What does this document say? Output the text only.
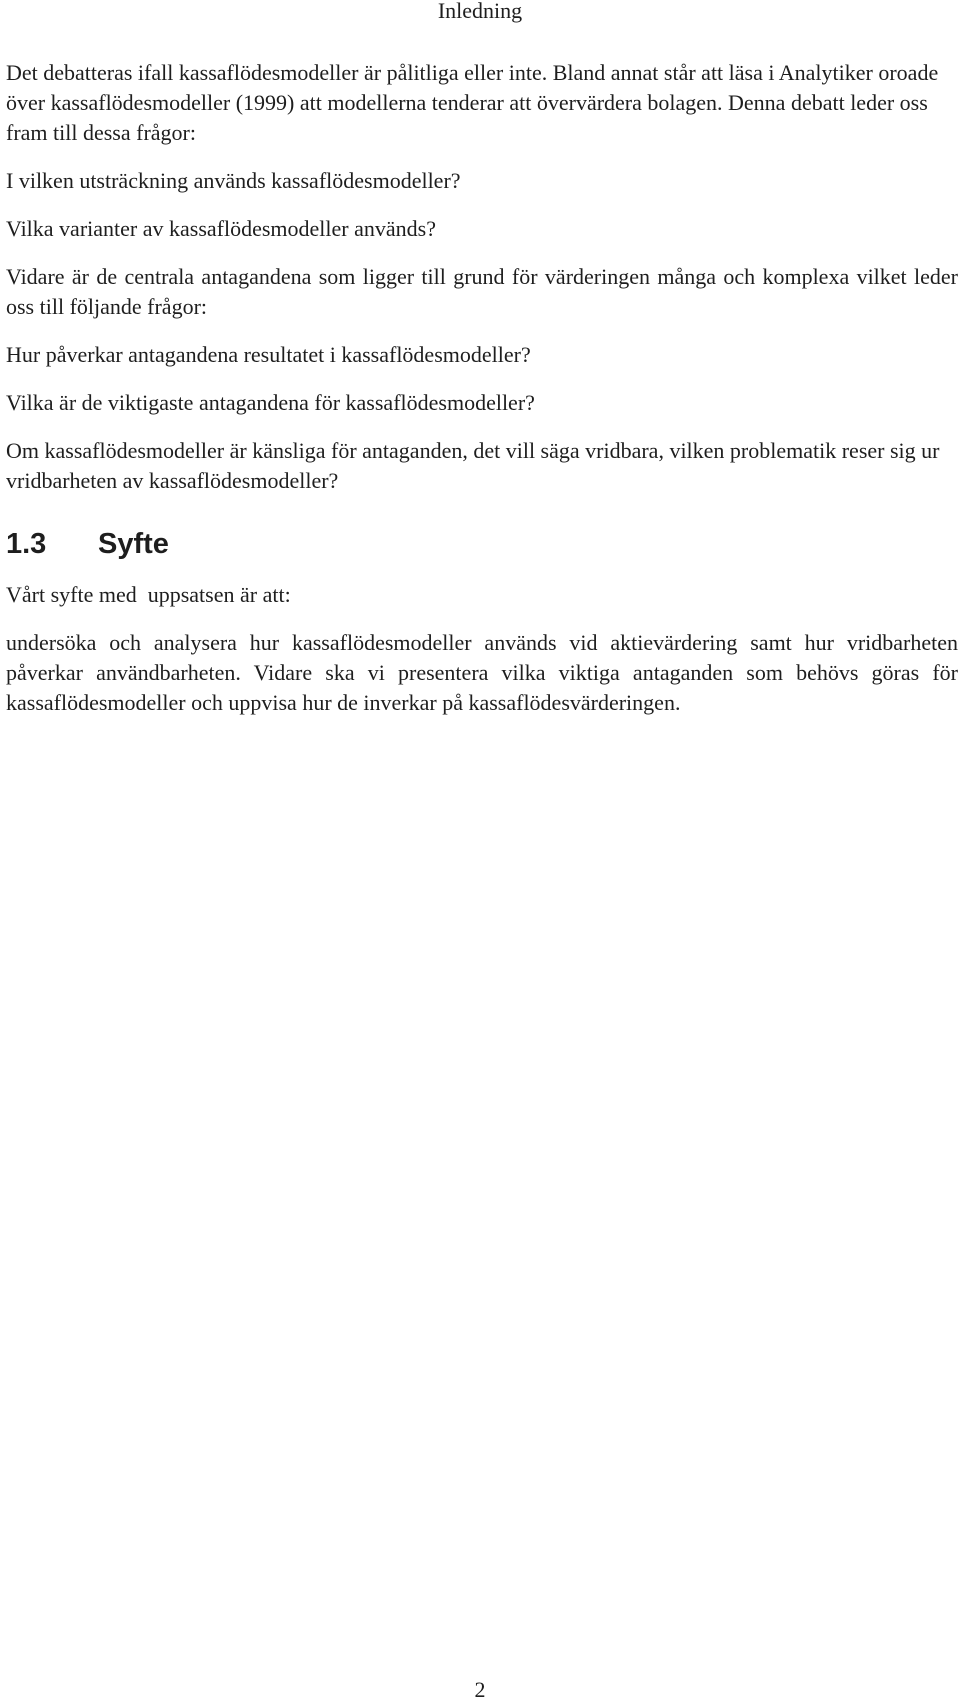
Inledning

Det debatteras ifall kassaflödesmodeller är pålitliga eller inte. Bland annat står att läsa i Analytiker oroade över kassaflödesmodeller (1999) att modellerna tenderar att övervärdera bolagen. Denna debatt leder oss fram till dessa frågor:

I vilken utsträckning används kassaflödesmodeller?

Vilka varianter av kassaflödesmodeller används?

Vidare är de centrala antagandena som ligger till grund för värderingen många och komplexa vilket leder oss till följande frågor:

Hur påverkar antagandena resultatet i kassaflödesmodeller?

Vilka är de viktigaste antagandena för kassaflödesmodeller?

Om kassaflödesmodeller är känsliga för antaganden, det vill säga vridbara, vilken problematik reser sig ur vridbarheten av kassaflödesmodeller?

1.3 Syfte

Vårt syfte med  uppsatsen är att:

undersöka och analysera hur kassaflödesmodeller används vid aktievärdering samt hur vridbarheten påverkar användbarheten. Vidare ska vi presentera vilka viktiga antaganden som behövs göras för kassaflödesmodeller och uppvisa hur de inverkar på kassaflödesvärderingen.

2
